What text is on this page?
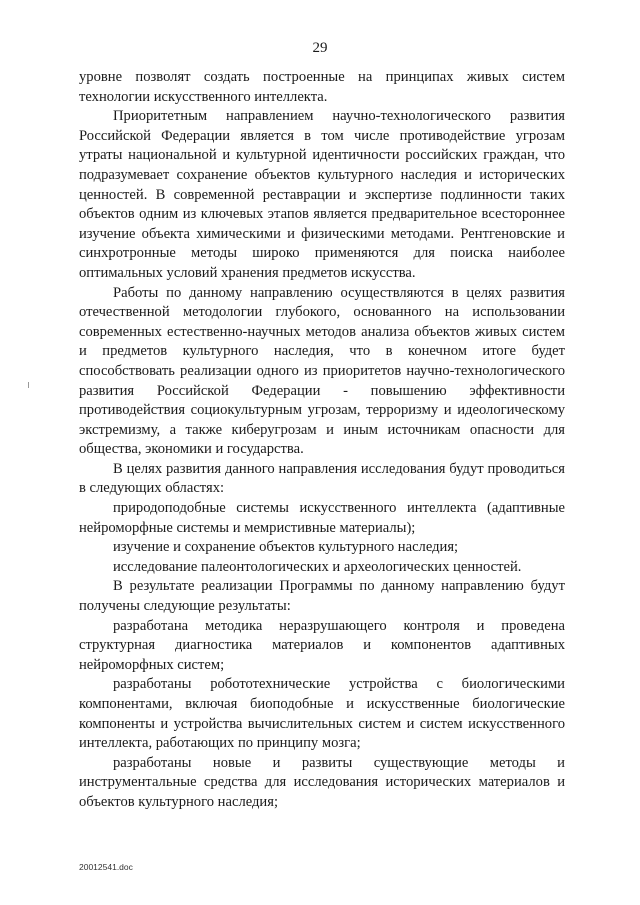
29

уровне позволят создать построенные на принципах живых систем технологии искусственного интеллекта.

Приоритетным направлением научно-технологического развития Российской Федерации является в том числе противодействие угрозам утраты национальной и культурной идентичности российских граждан, что подразумевает сохранение объектов культурного наследия и исторических ценностей. В современной реставрации и экспертизе подлинности таких объектов одним из ключевых этапов является предварительное всестороннее изучение объекта химическими и физическими методами. Рентгеновские и синхротронные методы широко применяются для поиска наиболее оптимальных условий хранения предметов искусства.

Работы по данному направлению осуществляются в целях развития отечественной методологии глубокого, основанного на использовании современных естественно-научных методов анализа объектов живых систем и предметов культурного наследия, что в конечном итоге будет способствовать реализации одного из приоритетов научно-технологического развития Российской Федерации - повышению эффективности противодействия социокультурным угрозам, терроризму и идеологическому экстремизму, а также киберугрозам и иным источникам опасности для общества, экономики и государства.

В целях развития данного направления исследования будут проводиться в следующих областях:

природоподобные системы искусственного интеллекта (адаптивные нейроморфные системы и мемристивные материалы);

изучение и сохранение объектов культурного наследия;

исследование палеонтологических и археологических ценностей.

В результате реализации Программы по данному направлению будут получены следующие результаты:

разработана методика неразрушающего контроля и проведена структурная диагностика материалов и компонентов адаптивных нейроморфных систем;

разработаны робототехнические устройства с биологическими компонентами, включая биоподобные и искусственные биологические компоненты и устройства вычислительных систем и систем искусственного интеллекта, работающих по принципу мозга;

разработаны новые и развиты существующие методы и инструментальные средства для исследования исторических материалов и объектов культурного наследия;

20012541.doc
